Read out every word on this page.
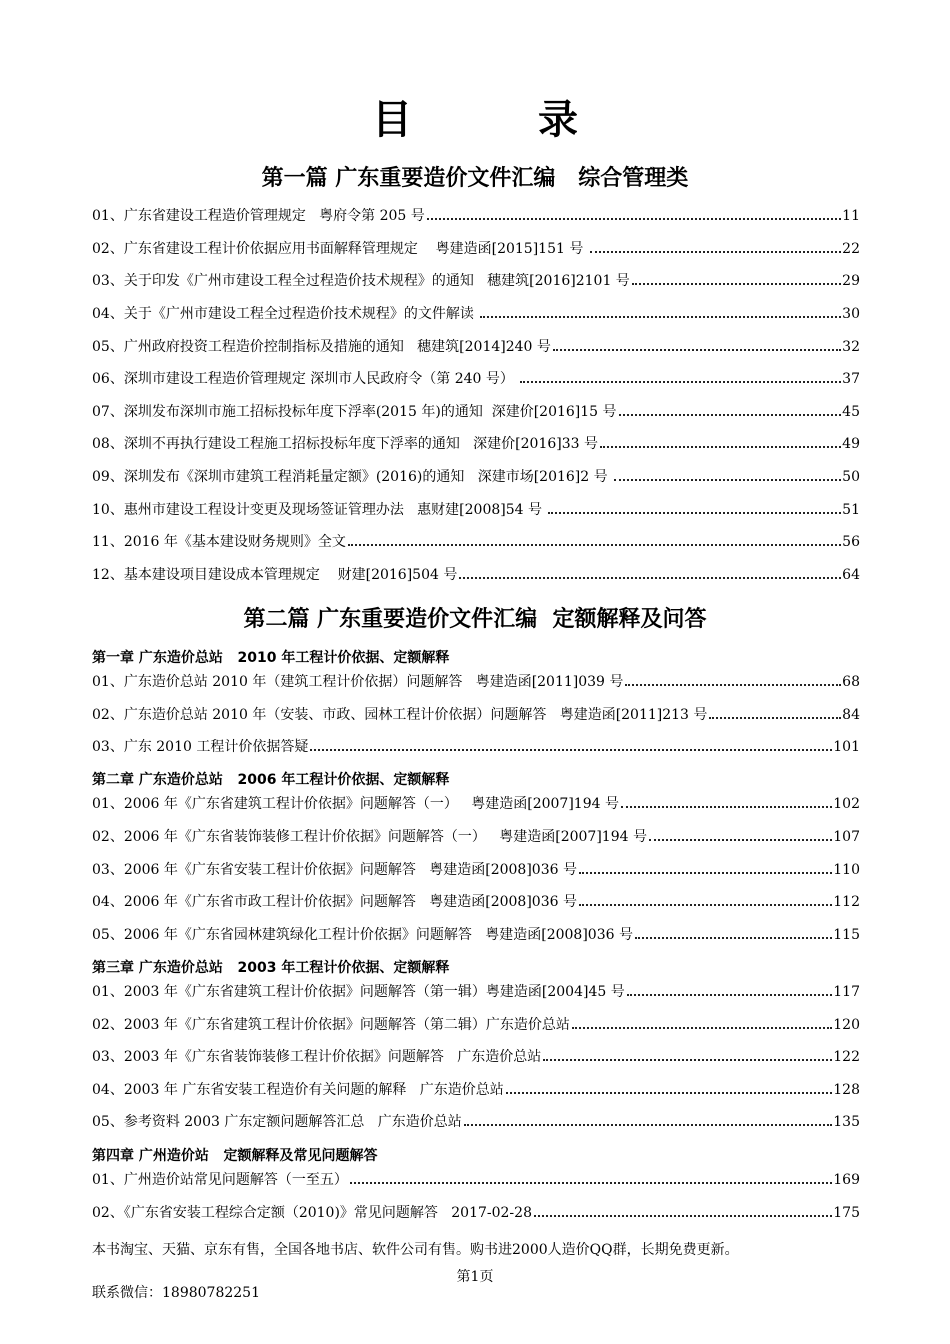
目 录
第一篇 广东重要造价文件汇编   综合管理类
01、广东省建设工程造价管理规定   粤府令第 205 号	11
02、广东省建设工程计价依据应用书面解释管理规定    粤建造函[2015]151 号	22
03、关于印发《广州市建设工程全过程造价技术规程》的通知   穗建筑[2016]2101 号	29
04、关于《广州市建设工程全过程造价技术规程》的文件解读	30
05、广州政府投资工程造价控制指标及措施的通知   穗建筑[2014]240 号	32
06、深圳市建设工程造价管理规定 深圳市人民政府令（第 240 号）	37
07、深圳发布深圳市施工招标投标年度下浮率(2015 年)的通知  深建价[2016]15 号	45
08、深圳不再执行建设工程施工招标投标年度下浮率的通知   深建价[2016]33 号	49
09、深圳发布《深圳市建筑工程消耗量定额》(2016)的通知   深建市场[2016]2 号	50
10、惠州市建设工程设计变更及现场签证管理办法   惠财建[2008]54 号	51
11、2016 年《基本建设财务规则》全文	56
12、基本建设项目建设成本管理规定    财建[2016]504 号	64
第二篇 广东重要造价文件汇编  定额解释及问答
第一章 广东造价总站   2010 年工程计价依据、定额解释
01、广东造价总站 2010 年（建筑工程计价依据）问题解答   粤建造函[2011]039 号	68
02、广东造价总站 2010 年（安装、市政、园林工程计价依据）问题解答   粤建造函[2011]213 号	84
03、广东 2010 工程计价依据答疑	101
第二章 广东造价总站   2006 年工程计价依据、定额解释
01、2006 年《广东省建筑工程计价依据》问题解答（一）   粤建造函[2007]194 号	102
02、2006 年《广东省装饰装修工程计价依据》问题解答（一）   粤建造函[2007]194 号	107
03、2006 年《广东省安装工程计价依据》问题解答   粤建造函[2008]036 号	110
04、2006 年《广东省市政工程计价依据》问题解答   粤建造函[2008]036 号	112
05、2006 年《广东省园林建筑绿化工程计价依据》问题解答   粤建造函[2008]036 号	115
第三章 广东造价总站   2003 年工程计价依据、定额解释
01、2003 年《广东省建筑工程计价依据》问题解答（第一辑）粤建造函[2004]45 号	117
02、2003 年《广东省建筑工程计价依据》问题解答（第二辑）广东造价总站	120
03、2003 年《广东省装饰装修工程计价依据》问题解答   广东造价总站	122
04、2003 年 广东省安装工程造价有关问题的解释   广东造价总站	128
05、参考资料 2003 广东定额问题解答汇总   广东造价总站	135
第四章 广州造价站   定额解释及常见问题解答
01、广州造价站常见问题解答（一至五）	169
02、《广东省安装工程综合定额（2010)》常见问题解答   2017-02-28	175
本书淘宝、天猫、京东有售，全国各地书店、软件公司有售。购书进2000人造价QQ群，长期免费更新。
第1页
联系微信：18980782251
